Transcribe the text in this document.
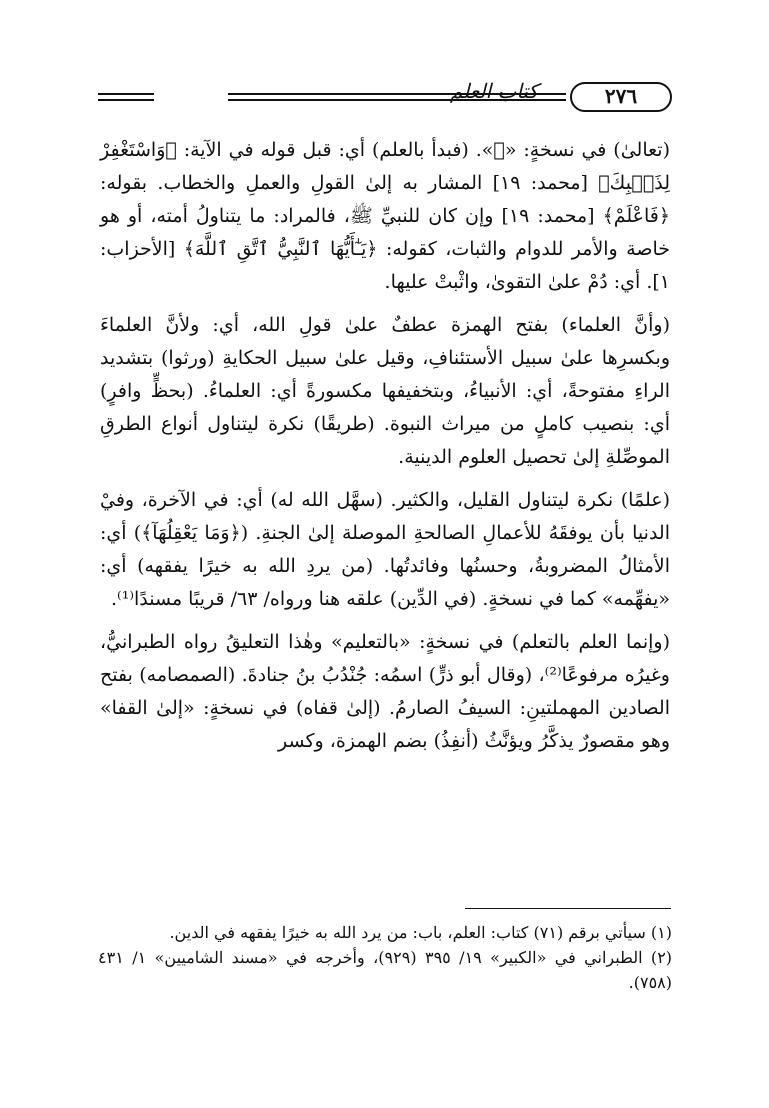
٢٧٦
كتاب العلم

(تعالىٰ) في نسخةٍ: «ﷻ». (فبدأ بالعلم) أي: قبل قوله في الآية: ﴿وَاسْتَغْفِرْ لِذَنۢبِكَ﴾ [محمد: ١٩] المشار به إلىٰ القولِ والعملِ والخطاب. بقوله: ﴿فَاعْلَمْ﴾ [محمد: ١٩] وإن كان للنبيِّ ﷺ، فالمراد: ما يتناولُ أمته، أو هو خاصة والأمر للدوام والثبات، كقوله: ﴿يَـٰٓأَيُّهَا ٱلنَّبِيُّ ٱتَّقِ ٱللَّهَ﴾ [الأحزاب: ١]. أي: دُمْ علىٰ التقوىٰ، واثْبتْ عليها.

(وأنَّ العلماء) بفتح الهمزة عطفٌ علىٰ قولِ الله، أي: ولأنَّ العلماءَ وبكسرِها علىٰ سبيل الأستئنافِ، وقيل علىٰ سبيل الحكايةِ (ورثوا) بتشديد الراءِ مفتوحةً، أي: الأنبياءُ، وبتخفيفها مكسورةً أي: العلماءُ. (بحظٍّ وافرٍ) أي: بنصيب كاملٍ من ميراث النبوة. (طريقًا) نكرة ليتناول أنواع الطرقِ الموصِّلةِ إلىٰ تحصيل العلوم الدينية.

(علمًا) نكرة ليتناول القليل، والكثير. (سهَّل الله له) أي: في الآخرة، وفيْ الدنيا بأن يوفقَهُ للأعمالِ الصالحةِ الموصلة إلىٰ الجنةِ. (﴿وَمَا يَعْقِلُهَآ﴾) أي: الأمثالُ المضروبةُ، وحسنُها وفائدتُها. (من يردِ الله به خيرًا يفقهه) أي: «يفهِّمه» كما في نسخةٍ. (في الدِّين) علقه هنا ورواه/ ٦٣/ قريبًا مسندًا⁽¹⁾.

(وإنما العلم بالتعلم) في نسخةٍ: «بالتعليم» وهٰذا التعليقُ رواه الطبرانيُّ، وغيرُه مرفوعًا⁽²⁾، (وقال أبو ذرٍّ) اسمُه: جُنْدُبُ بنُ جنادةَ. (الصمصامه) بفتح الصادين المهملتينِ: السيفُ الصارمُ. (إلىٰ قفاه) في نسخةٍ: «إلىٰ القفا» وهو مقصورٌ يذكَّرُ ويؤنَّثُ (أنفِذُ) بضم الهمزة، وكسر

(١) سيأتي برقم (٧١) كتاب: العلم، باب: من يرد الله به خيرًا يفقهه في الدين.

(٢) الطبراني في «الكبير» ١٩/ ٣٩٥ (٩٢٩)، وأخرجه في «مسند الشاميين» ١/ ٤٣١ (٧٥٨).
